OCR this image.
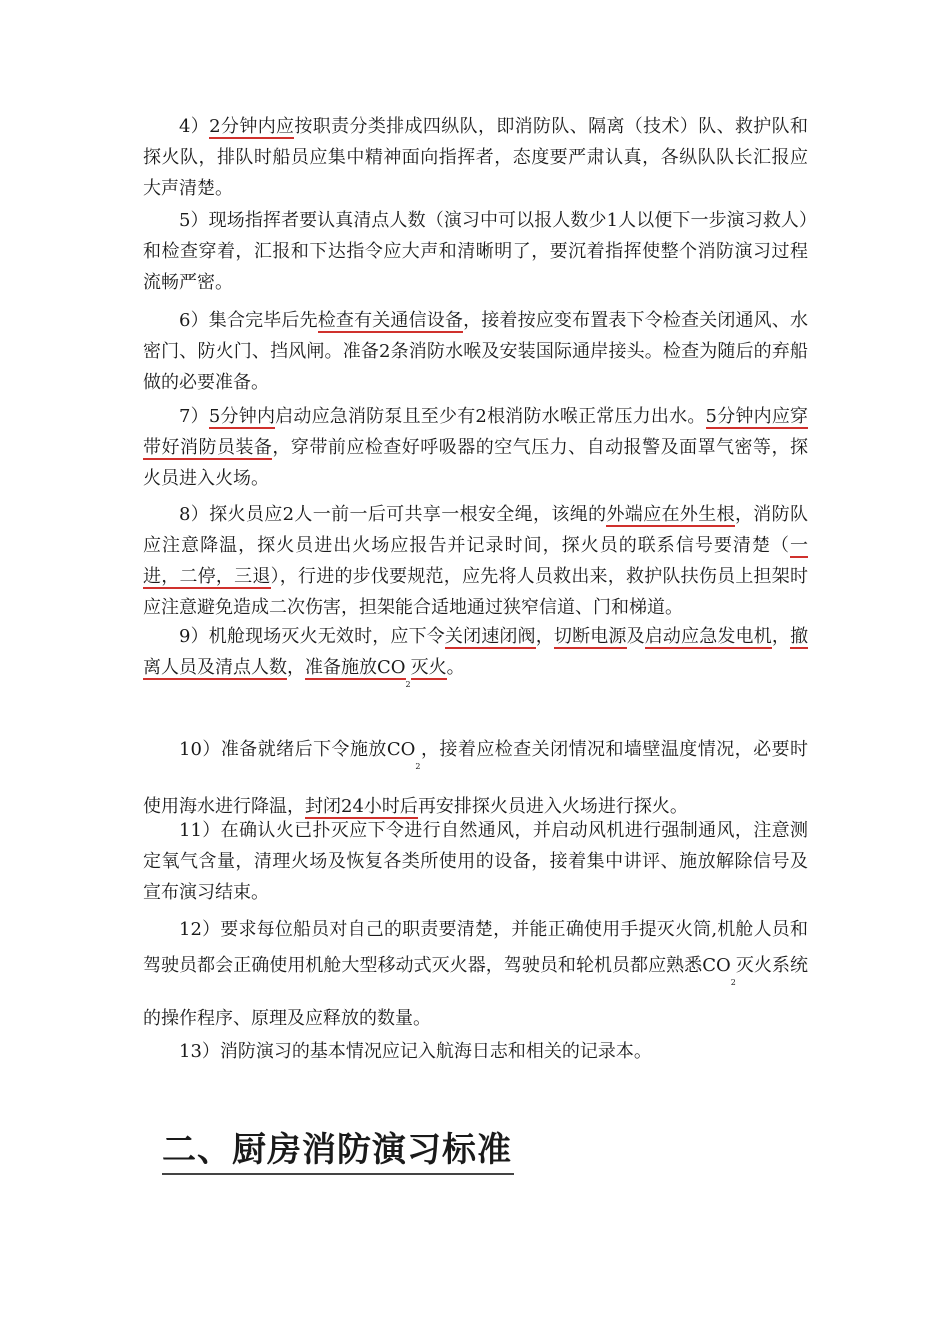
4）2分钟内应按职责分类排成四纵队，即消防队、隔离（技术）队、救护队和探火队，排队时船员应集中精神面向指挥者，态度要严肃认真，各纵队队长汇报应大声清楚。

5）现场指挥者要认真清点人数（演习中可以报人数少1人以便下一步演习救人）和检查穿着，汇报和下达指令应大声和清晰明了，要沉着指挥使整个消防演习过程流畅严密。

6）集合完毕后先检查有关通信设备，接着按应变布置表下令检查关闭通风、水密门、防火门、挡风闸。准备2条消防水喉及安装国际通岸接头。检查为随后的弃船做的必要准备。

7）5分钟内启动应急消防泵且至少有2根消防水喉正常压力出水。5分钟内应穿带好消防员装备，穿带前应检查好呼吸器的空气压力、自动报警及面罩气密等，探火员进入火场。

8）探火员应2人一前一后可共享一根安全绳，该绳的外端应在外生根，消防队应注意降温，探火员进出火场应报告并记录时间，探火员的联系信号要清楚（一进，二停，三退），行进的步伐要规范，应先将人员救出来，救护队扶伤员上担架时应注意避免造成二次伤害，担架能合适地通过狭窄信道、门和梯道。

9）机舱现场灭火无效时，应下令关闭速闭阀，切断电源及启动应急发电机，撤离人员及清点人数，准备施放$CO_2$灭火。

10）准备就绪后下令施放$CO_2$，接着应检查关闭情况和墙壁温度情况，必要时使用海水进行降温，封闭24小时后再安排探火员进入火场进行探火。

11）在确认火已扑灭应下令进行自然通风，并启动风机进行强制通风，注意测定氧气含量，清理火场及恢复各类所使用的设备，接着集中讲评、施放解除信号及宣布演习结束。

12）要求每位船员对自己的职责要清楚，并能正确使用手提灭火筒,机舱人员和驾驶员都会正确使用机舱大型移动式灭火器，驾驶员和轮机员都应熟悉$CO_2$灭火系统的操作程序、原理及应释放的数量。

13）消防演习的基本情况应记入航海日志和相关的记录本。

二、厨房消防演习标准
